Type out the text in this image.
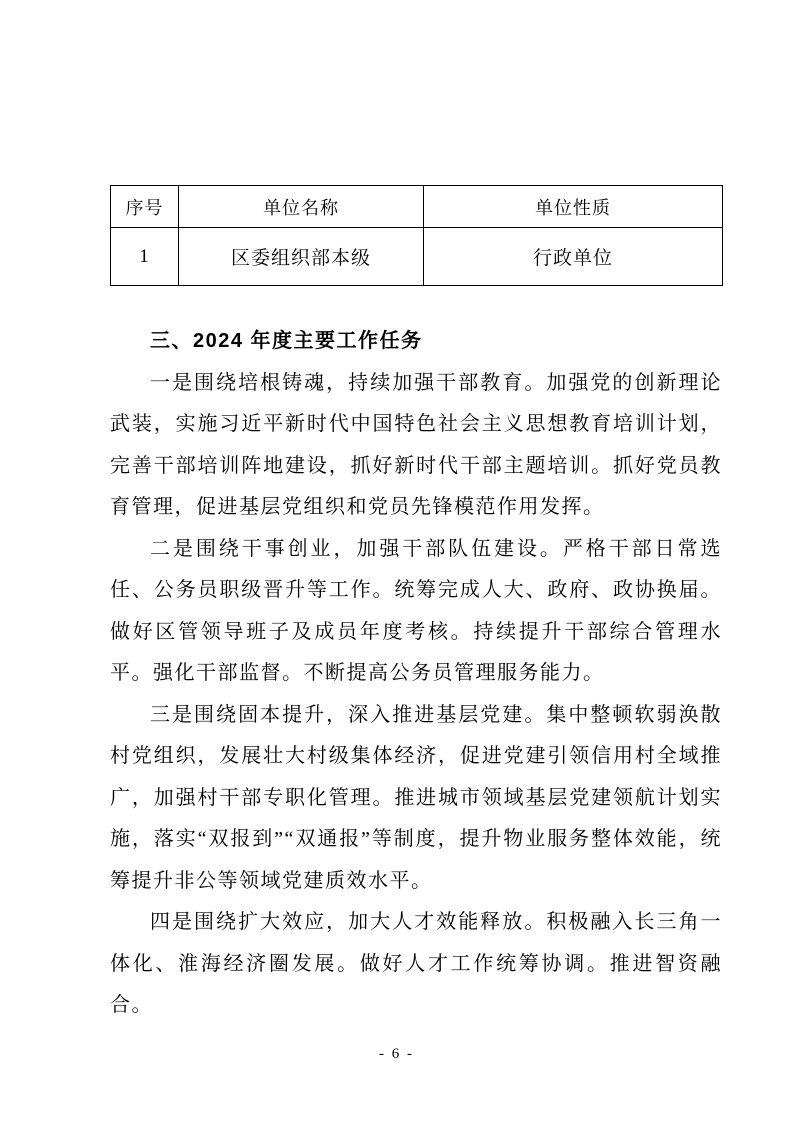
序号	单位名称	单位性质
1	区委组织部本级	行政单位
三、2024 年度主要工作任务

一是围绕培根铸魂，持续加强干部教育。加强党的创新理论武装，实施习近平新时代中国特色社会主义思想教育培训计划，完善干部培训阵地建设，抓好新时代干部主题培训。抓好党员教育管理，促进基层党组织和党员先锋模范作用发挥。

二是围绕干事创业，加强干部队伍建设。严格干部日常选任、公务员职级晋升等工作。统筹完成人大、政府、政协换届。做好区管领导班子及成员年度考核。持续提升干部综合管理水平。强化干部监督。不断提高公务员管理服务能力。

三是围绕固本提升，深入推进基层党建。集中整顿软弱涣散村党组织，发展壮大村级集体经济，促进党建引领信用村全域推广，加强村干部专职化管理。推进城市领域基层党建领航计划实施，落实“双报到”“双通报”等制度，提升物业服务整体效能，统筹提升非公等领域党建质效水平。

四是围绕扩大效应，加大人才效能释放。积极融入长三角一体化、淮海经济圈发展。做好人才工作统筹协调。推进智资融合。

- 6 -
